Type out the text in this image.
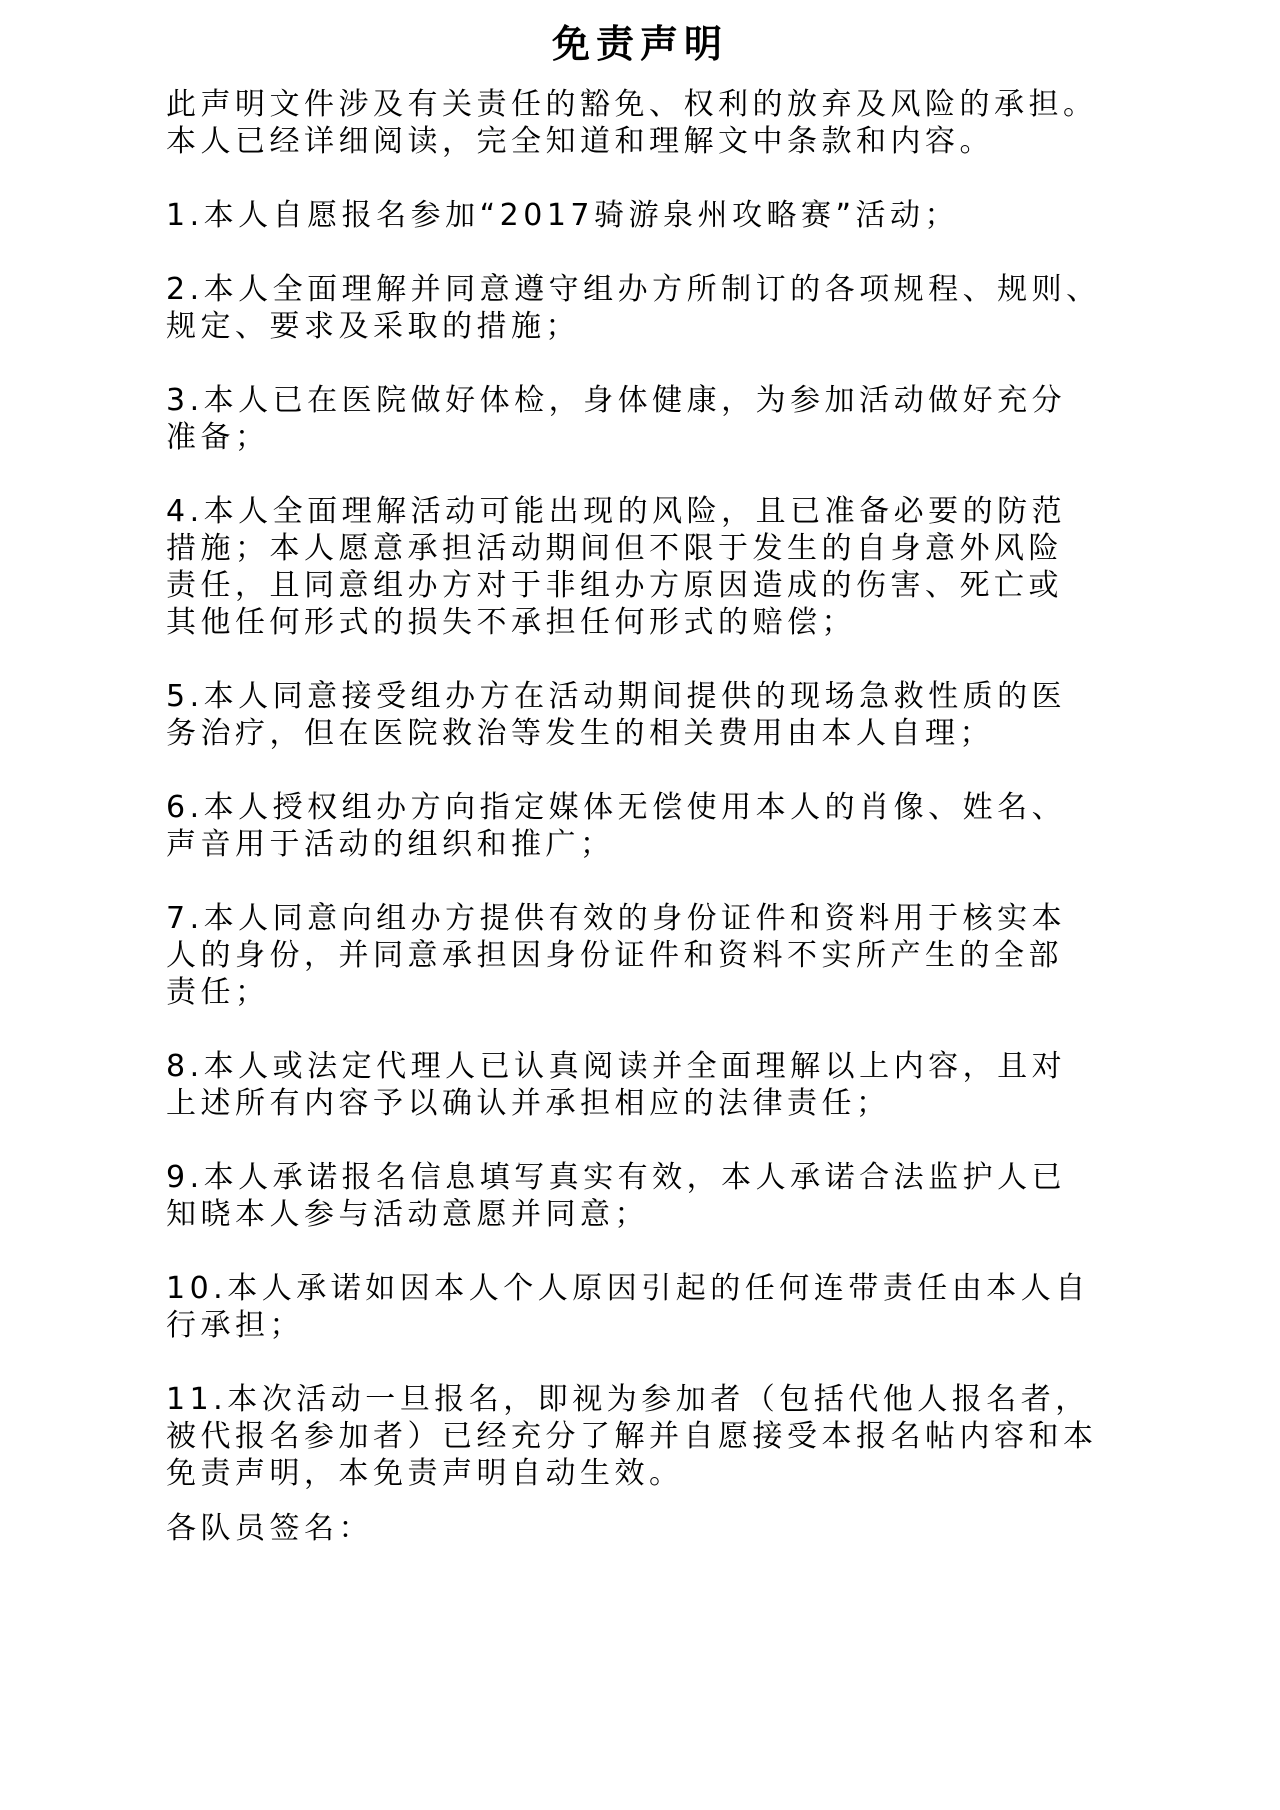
免责声明

此声明文件涉及有关责任的豁免、权利的放弃及风险的承担。
本人已经详细阅读，完全知道和理解文中条款和内容。

1.本人自愿报名参加“2017骑游泉州攻略赛”活动；

2.本人全面理解并同意遵守组办方所制订的各项规程、规则、
规定、要求及采取的措施；

3.本人已在医院做好体检，身体健康，为参加活动做好充分
准备；

4.本人全面理解活动可能出现的风险，且已准备必要的防范
措施；本人愿意承担活动期间但不限于发生的自身意外风险
责任，且同意组办方对于非组办方原因造成的伤害、死亡或
其他任何形式的损失不承担任何形式的赔偿；

5.本人同意接受组办方在活动期间提供的现场急救性质的医
务治疗，但在医院救治等发生的相关费用由本人自理；

6.本人授权组办方向指定媒体无偿使用本人的肖像、姓名、
声音用于活动的组织和推广；

7.本人同意向组办方提供有效的身份证件和资料用于核实本
人的身份，并同意承担因身份证件和资料不实所产生的全部
责任；

8.本人或法定代理人已认真阅读并全面理解以上内容，且对
上述所有内容予以确认并承担相应的法律责任；

9.本人承诺报名信息填写真实有效，本人承诺合法监护人已
知晓本人参与活动意愿并同意；

10.本人承诺如因本人个人原因引起的任何连带责任由本人自
行承担；

11.本次活动一旦报名，即视为参加者（包括代他人报名者，
被代报名参加者）已经充分了解并自愿接受本报名帖内容和本
免责声明，本免责声明自动生效。

各队员签名：
